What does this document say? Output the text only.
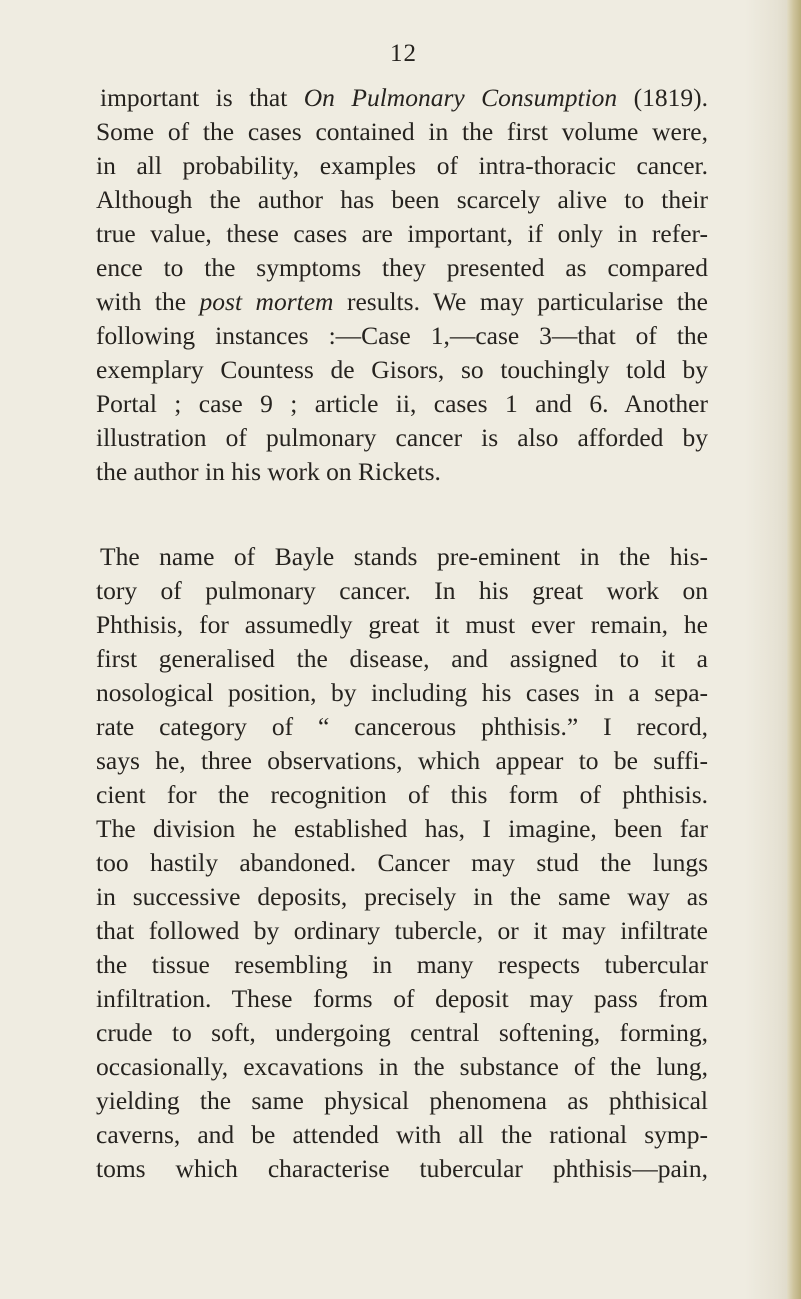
12
important is that On Pulmonary Consumption (1819).
Some of the cases contained in the first volume were,
in all probability, examples of intra-thoracic cancer.
Although the author has been scarcely alive to their
true value, these cases are important, if only in refer-
ence to the symptoms they presented as compared
with the post mortem results. We may particularise the
following instances :—Case 1,—case 3—that of the
exemplary Countess de Gisors, so touchingly told by
Portal ; case 9 ; article ii, cases 1 and 6. Another
illustration of pulmonary cancer is also afforded by
the author in his work on Rickets.
The name of Bayle stands pre-eminent in the his-
tory of pulmonary cancer. In his great work on
Phthisis, for assumedly great it must ever remain, he
first generalised the disease, and assigned to it a
nosological position, by including his cases in a sepa-
rate category of “ cancerous phthisis.” I record,
says he, three observations, which appear to be suffi-
cient for the recognition of this form of phthisis.
The division he established has, I imagine, been far
too hastily abandoned. Cancer may stud the lungs
in successive deposits, precisely in the same way as
that followed by ordinary tubercle, or it may infiltrate
the tissue resembling in many respects tubercular
infiltration. These forms of deposit may pass from
crude to soft, undergoing central softening, forming,
occasionally, excavations in the substance of the lung,
yielding the same physical phenomena as phthisical
caverns, and be attended with all the rational symp-
toms which characterise tubercular phthisis—pain,
